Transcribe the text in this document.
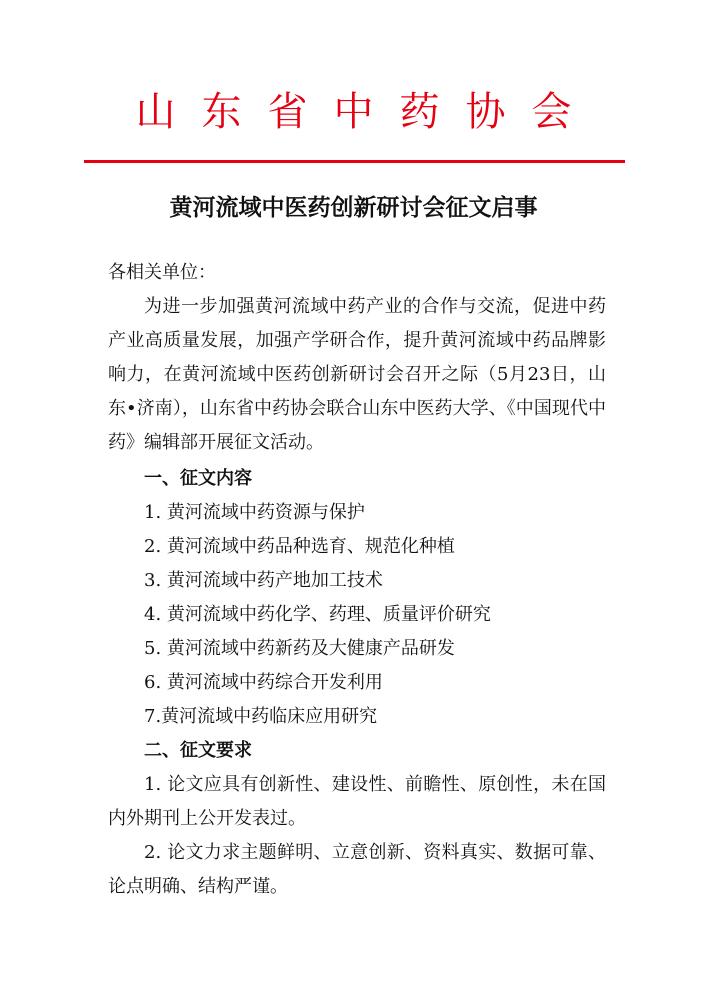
山东省中药协会
黄河流域中医药创新研讨会征文启事
各相关单位：
为进一步加强黄河流域中药产业的合作与交流，促进中药产业高质量发展，加强产学研合作，提升黄河流域中药品牌影响力，在黄河流域中医药创新研讨会召开之际（5月23日，山东•济南），山东省中药协会联合山东中医药大学、《中国现代中药》编辑部开展征文活动。
一、征文内容
1. 黄河流域中药资源与保护
2. 黄河流域中药品种选育、规范化种植
3. 黄河流域中药产地加工技术
4. 黄河流域中药化学、药理、质量评价研究
5. 黄河流域中药新药及大健康产品研发
6. 黄河流域中药综合开发利用
7.黄河流域中药临床应用研究
二、征文要求
1. 论文应具有创新性、建设性、前瞻性、原创性，未在国内外期刊上公开发表过。
2. 论文力求主题鲜明、立意创新、资料真实、数据可靠、论点明确、结构严谨。
